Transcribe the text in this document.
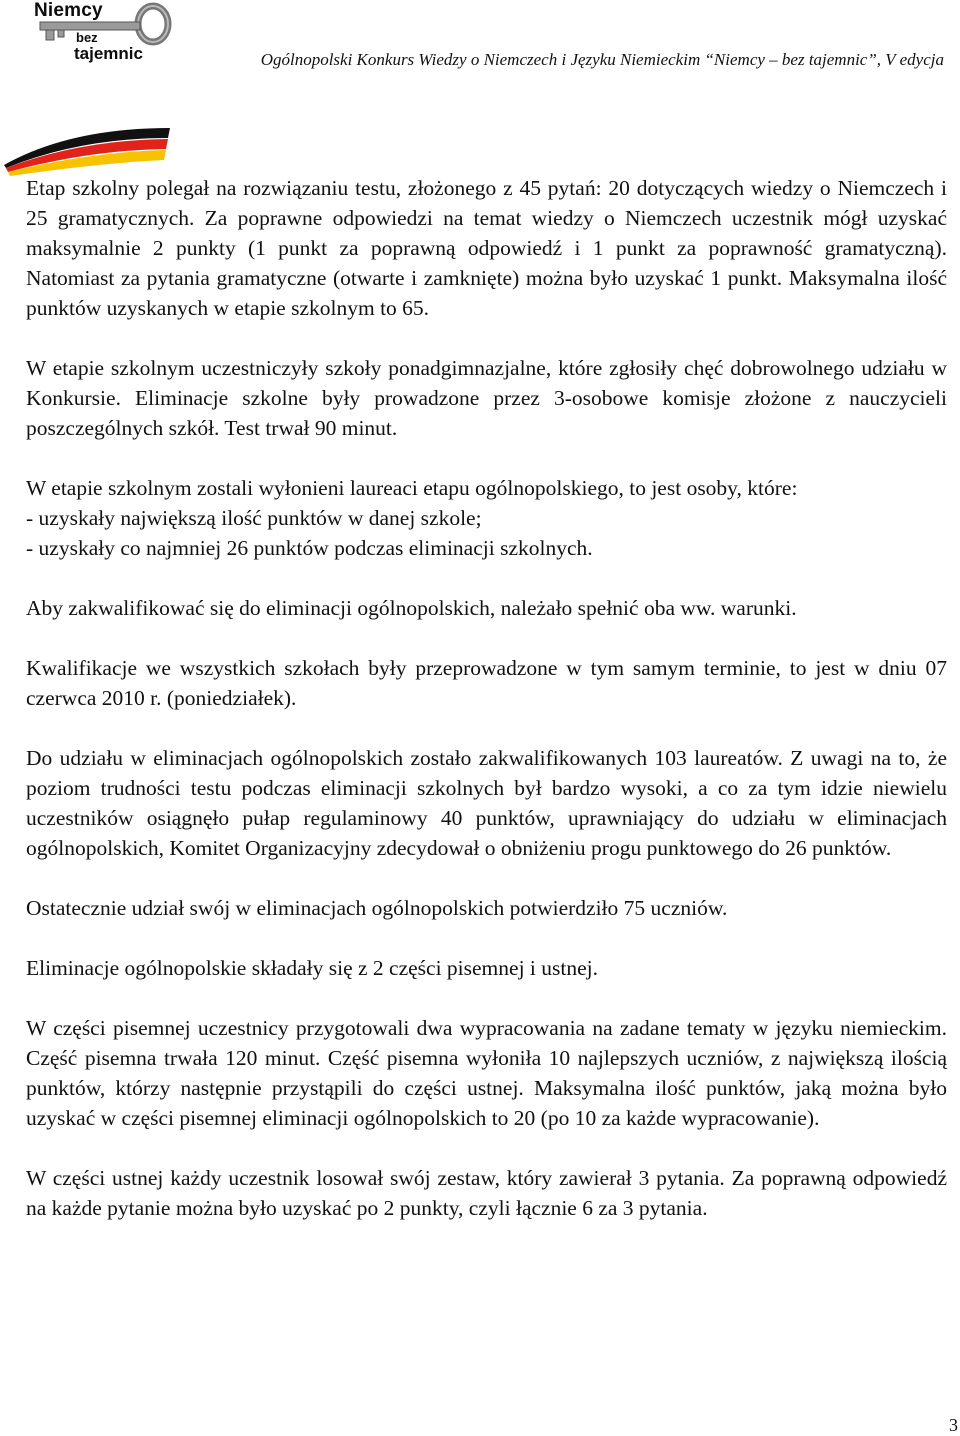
Niemcy
bez
tajemnic	Ogólnopolski Konkurs Wiedzy o Niemczech i Języku Niemieckim “Niemcy – bez tajemnic”, V edycja

Etap szkolny polegał na rozwiązaniu testu, złożonego z 45 pytań: 20 dotyczących wiedzy o Niemczech i 25 gramatycznych. Za poprawne odpowiedzi na temat wiedzy o Niemczech uczestnik mógł uzyskać maksymalnie 2 punkty (1 punkt za poprawną odpowiedź i 1 punkt za poprawność gramatyczną). Natomiast za pytania gramatyczne (otwarte i zamknięte) można było uzyskać 1 punkt. Maksymalna ilość punktów uzyskanych w etapie szkolnym to 65.

W etapie szkolnym uczestniczyły szkoły ponadgimnazjalne, które zgłosiły chęć dobrowolnego udziału w Konkursie. Eliminacje szkolne były prowadzone przez 3-osobowe komisje złożone z nauczycieli poszczególnych szkół. Test trwał 90 minut.

W etapie szkolnym zostali wyłonieni laureaci etapu ogólnopolskiego, to jest osoby, które:

- uzyskały największą ilość punktów w danej szkole;

- uzyskały co najmniej 26 punktów podczas eliminacji szkolnych.

Aby zakwalifikować się do eliminacji ogólnopolskich, należało spełnić oba ww. warunki.

Kwalifikacje we wszystkich szkołach były przeprowadzone w tym samym terminie, to jest w dniu 07 czerwca 2010 r. (poniedziałek).

Do udziału w eliminacjach ogólnopolskich zostało zakwalifikowanych 103 laureatów. Z uwagi na to, że poziom trudności testu podczas eliminacji szkolnych był bardzo wysoki, a co za tym idzie niewielu uczestników osiągnęło pułap regulaminowy 40 punktów, uprawniający do udziału w eliminacjach ogólnopolskich, Komitet Organizacyjny zdecydował o obniżeniu progu punktowego do 26 punktów.

Ostatecznie udział swój w eliminacjach ogólnopolskich potwierdziło 75 uczniów.

Eliminacje ogólnopolskie składały się z 2 części pisemnej i ustnej.

W części pisemnej uczestnicy przygotowali dwa wypracowania na zadane tematy w języku niemieckim. Część pisemna trwała 120 minut. Część pisemna wyłoniła 10 najlepszych uczniów, z największą ilością punktów, którzy następnie przystąpili do części ustnej. Maksymalna ilość punktów, jaką można było uzyskać w części pisemnej eliminacji ogólnopolskich to 20 (po 10 za każde wypracowanie).

W części ustnej każdy uczestnik losował swój zestaw, który zawierał 3 pytania. Za poprawną odpowiedź na każde pytanie można było uzyskać po 2 punkty, czyli łącznie 6 za 3 pytania.

3
